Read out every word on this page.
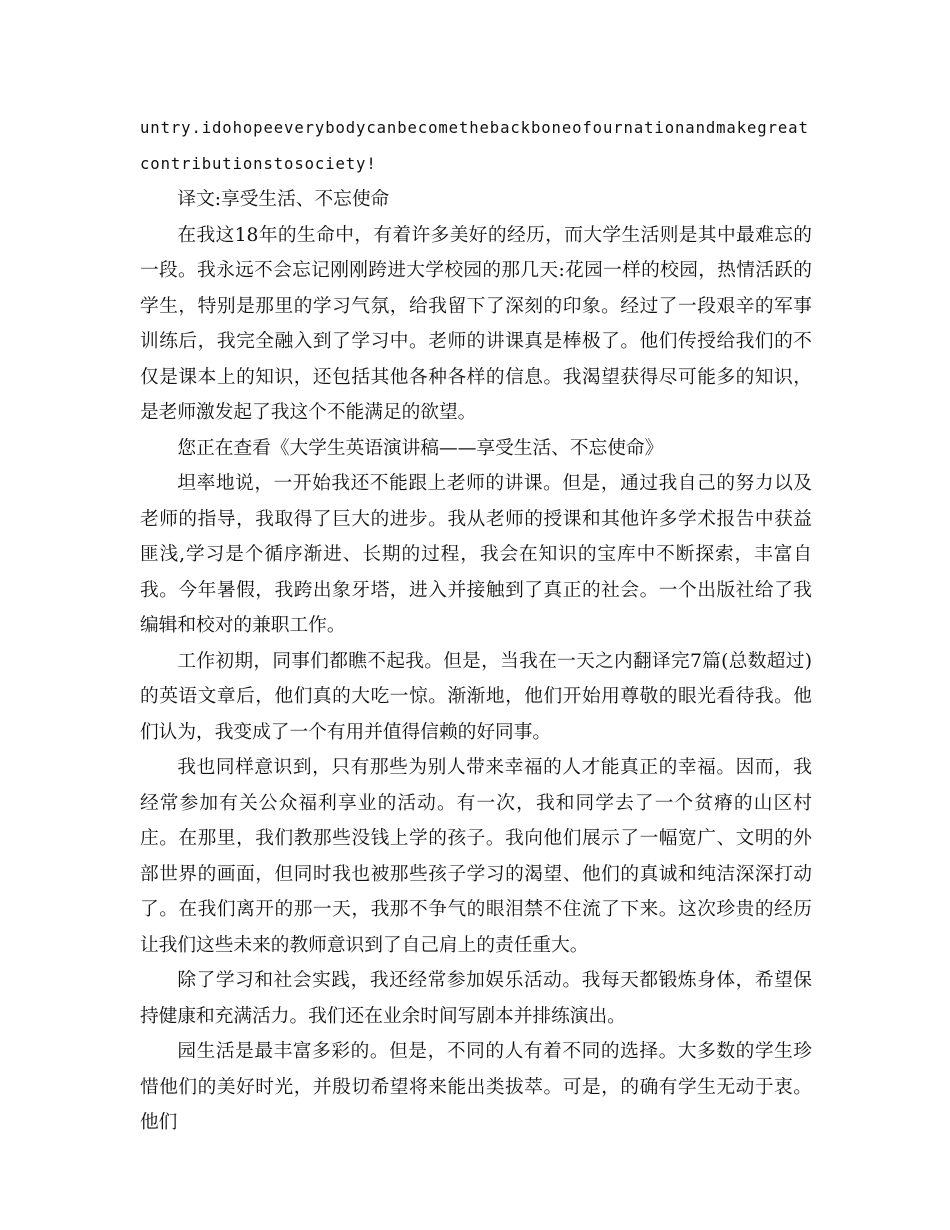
untry.idohopeeverybodycanbecomethebackboneofournationandmakegreatcontributionstosociety!

译文:享受生活、不忘使命

在我这18年的生命中，有着许多美好的经历，而大学生活则是其中最难忘的一段。我永远不会忘记刚刚跨进大学校园的那几天:花园一样的校园，热情活跃的学生，特别是那里的学习气氛，给我留下了深刻的印象。经过了一段艰辛的军事训练后，我完全融入到了学习中。老师的讲课真是棒极了。他们传授给我们的不仅是课本上的知识，还包括其他各种各样的信息。我渴望获得尽可能多的知识，是老师激发起了我这个不能满足的欲望。

您正在查看《大学生英语演讲稿——享受生活、不忘使命》

坦率地说，一开始我还不能跟上老师的讲课。但是，通过我自己的努力以及老师的指导，我取得了巨大的进步。我从老师的授课和其他许多学术报告中获益匪浅,学习是个循序渐进、长期的过程，我会在知识的宝库中不断探索，丰富自我。今年暑假，我跨出象牙塔，进入并接触到了真正的社会。一个出版社给了我编辑和校对的兼职工作。

工作初期，同事们都瞧不起我。但是，当我在一天之内翻译完7篇(总数超过)的英语文章后，他们真的大吃一惊。渐渐地，他们开始用尊敬的眼光看待我。他们认为，我变成了一个有用并值得信赖的好同事。

我也同样意识到，只有那些为别人带来幸福的人才能真正的幸福。因而，我经常参加有关公众福利享业的活动。有一次，我和同学去了一个贫瘠的山区村庄。在那里，我们教那些没钱上学的孩子。我向他们展示了一幅宽广、文明的外部世界的画面，但同时我也被那些孩子学习的渴望、他们的真诚和纯洁深深打动了。在我们离开的那一天，我那不争气的眼泪禁不住流了下来。这次珍贵的经历让我们这些未来的教师意识到了自己肩上的责任重大。

除了学习和社会实践，我还经常参加娱乐活动。我每天都锻炼身体，希望保持健康和充满活力。我们还在业余时间写剧本并排练演出。

园生活是最丰富多彩的。但是，不同的人有着不同的选择。大多数的学生珍惜他们的美好时光，并殷切希望将来能出类拔萃。可是，的确有学生无动于衷。他们
